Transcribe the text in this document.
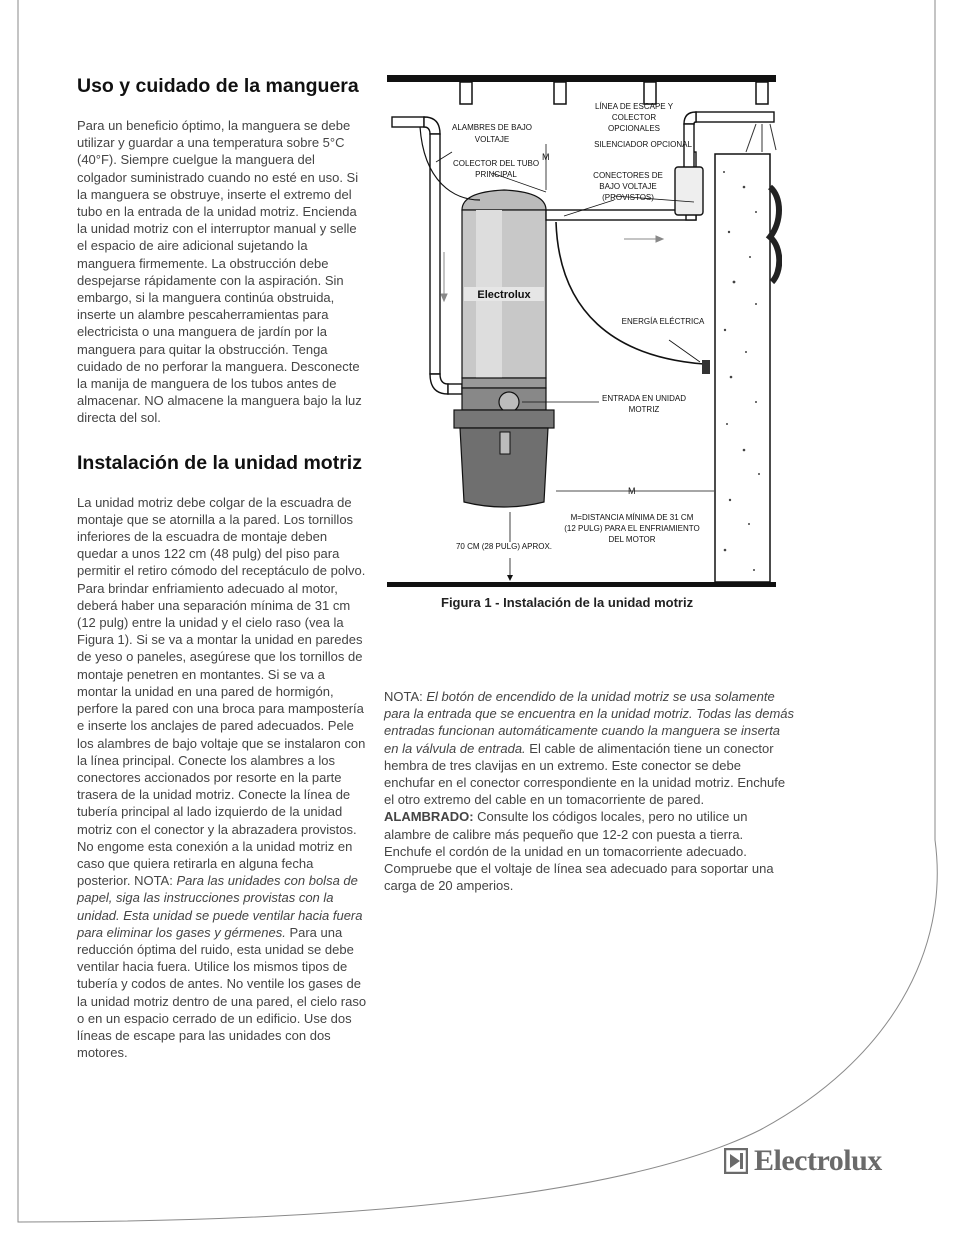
Uso y cuidado de la manguera

Para un beneficio óptimo, la manguera se debe utilizar y guardar a una temperatura sobre 5°C (40°F). Siempre cuelgue la manguera del colgador suministrado cuando no esté en uso. Si la manguera se obstruye, inserte el extremo del tubo en la entrada de la unidad motriz. Encienda la unidad motriz con el interruptor manual y selle el espacio de aire adicional sujetando la manguera firmemente. La obstrucción debe despejarse rápidamente con la aspiración. Sin embargo, si la manguera continúa obstruida, inserte un alambre pescaherramientas para electricista o una manguera de jardín por la manguera para quitar la obstrucción. Tenga cuidado de no perforar la manguera. Desconecte la manija de manguera de los tubos antes de almacenar. NO almacene la manguera bajo la luz directa del sol.

Instalación de la unidad motriz

La unidad motriz debe colgar de la escuadra de montaje que se atornilla a la pared. Los tornillos inferiores de la escuadra de montaje deben quedar a unos 122 cm (48 pulg) del piso para permitir el retiro cómodo del receptáculo de polvo. Para brindar enfriamiento adecuado al motor, deberá haber una separación mínima de 31 cm (12 pulg) entre la unidad y el cielo raso (vea la Figura 1). Si se va a montar la unidad en paredes de yeso o paneles, asegúrese que los tornillos de montaje penetren en montantes. Si se va a montar la unidad en una pared de hormigón, perfore la pared con una broca para mampostería e inserte los anclajes de pared adecuados. Pele los alambres de bajo voltaje que se instalaron con la línea principal. Conecte los alambres a los conectores accionados por resorte en la parte trasera de la unidad motriz. Conecte la línea de tubería principal al lado izquierdo de la unidad motriz con el conector y la abrazadera provistos. No engome esta conexión a la unidad motriz en caso que quiera retirarla en alguna fecha posterior. NOTA: Para las unidades con bolsa de papel, siga las instrucciones provistas con la unidad. Esta unidad se puede ventilar hacia fuera para eliminar los gases y gérmenes. Para una reducción óptima del ruido, esta unidad se debe ventilar hacia fuera. Utilice los mismos tipos de tubería y codos de antes. No ventile los gases de la unidad motriz dentro de una pared, el cielo raso o en un espacio cerrado de un edificio. Use dos líneas de escape para las unidades con dos motores.

Electrolux
M
M
ALAMBRES DE BAJO
VOLTAJE
COLECTOR DEL TUBO
PRINCIPAL
LÍNEA DE ESCAPE Y
COLECTOR
OPCIONALES
SILENCIADOR OPCIONAL
CONECTORES DE
BAJO VOLTAJE
(PROVISTOS)
ENERGÍA ELÉCTRICA
ENTRADA EN UNIDAD
MOTRIZ
M=DISTANCIA MÍNIMA DE 31 CM
(12 PULG) PARA EL ENFRIAMIENTO
DEL MOTOR
70 CM (28 PULG) APROX.
Figura 1 - Instalación de la unidad motriz

NOTA: El botón de encendido de la unidad motriz se usa solamente para la entrada que se encuentra en la unidad motriz. Todas las demás entradas funcionan automáticamente cuando la manguera se inserta en la válvula de entrada. El cable de alimentación tiene un conector hembra de tres clavijas en un extremo. Este conector se debe enchufar en el conector correspondiente en la unidad motriz. Enchufe el otro extremo del cable en un tomacorriente de pared. ALAMBRADO: Consulte los códigos locales, pero no utilice un alambre de calibre más pequeño que 12-2 con puesta a tierra. Enchufe el cordón de la unidad en un tomacorriente adecuado. Compruebe que el voltaje de línea sea adecuado para soportar una carga de 20 amperios.

Electrolux
